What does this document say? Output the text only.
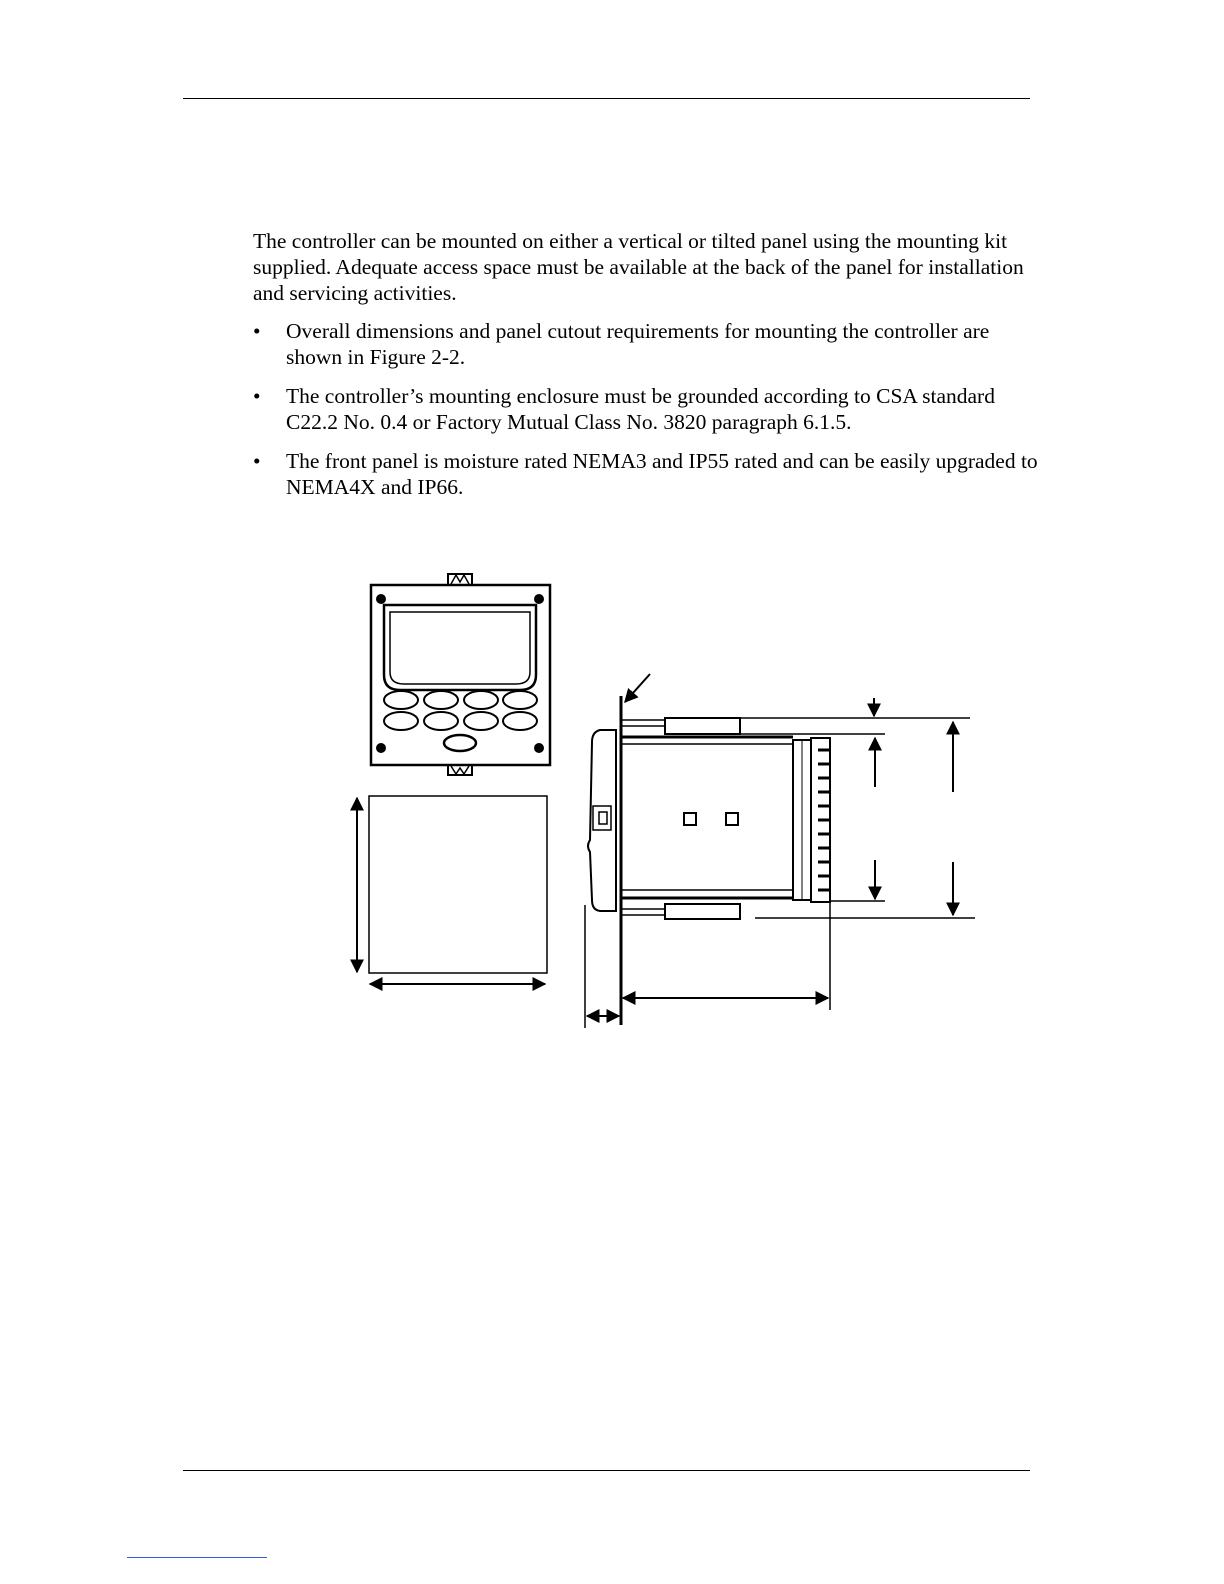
The controller can be mounted on either a vertical or tilted panel using the mounting kit supplied. Adequate access space must be available at the back of the panel for installation and servicing activities.

•	Overall dimensions and panel cutout requirements for mounting the controller are shown in Figure 2-2.
•	The controller’s mounting enclosure must be grounded according to CSA standard C22.2 No. 0.4 or Factory Mutual Class No. 3820 paragraph 6.1.5.
•	The front panel is moisture rated NEMA3 and IP55 rated and can be easily upgraded to NEMA4X and IP66.
